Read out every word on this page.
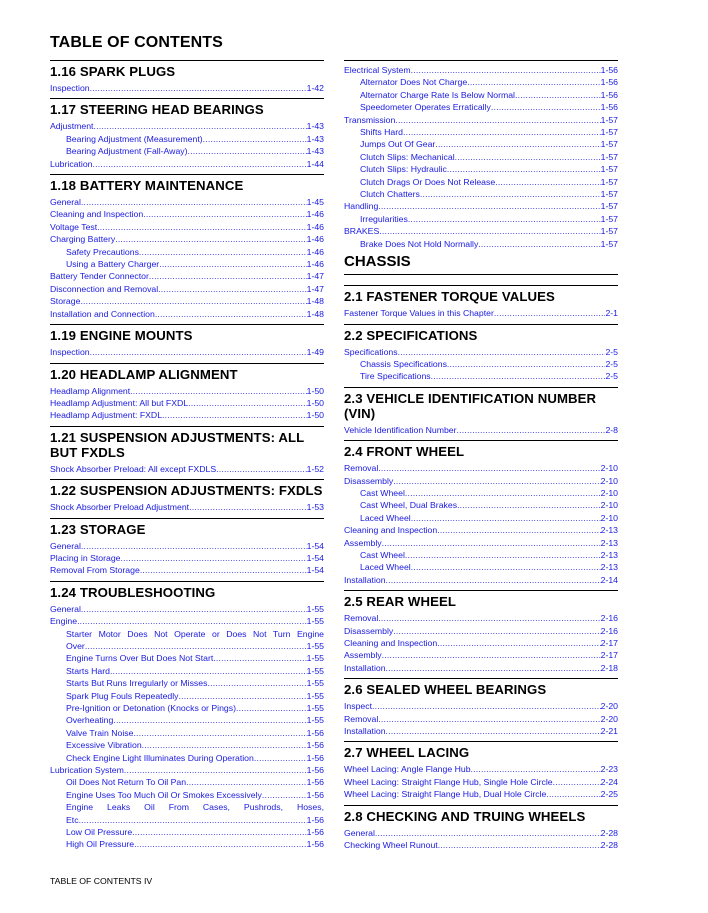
TABLE OF CONTENTS
1.16 SPARK PLUGS
Inspection .....	1-42
1.17 STEERING HEAD BEARINGS
Adjustment .....	1-43
Bearing Adjustment (Measurement) .....	1-43
Bearing Adjustment (Fall-Away) .....	1-43
Lubrication .....	1-44
1.18 BATTERY MAINTENANCE
General .....	1-45
Cleaning and Inspection .....	1-46
Voltage Test .....	1-46
Charging Battery .....	1-46
Safety Precautions .....	1-46
Using a Battery Charger .....	1-46
Battery Tender Connector .....	1-47
Disconnection and Removal .....	1-47
Storage .....	1-48
Installation and Connection .....	1-48
1.19 ENGINE MOUNTS
Inspection .....	1-49
1.20 HEADLAMP ALIGNMENT
Headlamp Alignment .....	1-50
Headlamp Adjustment: All but FXDL .....	1-50
Headlamp Adjustment: FXDL .....	1-50
1.21 SUSPENSION ADJUSTMENTS: ALL BUT FXDLS
Shock Absorber Preload: All except FXDLS .....	1-52
1.22 SUSPENSION ADJUSTMENTS: FXDLS
Shock Absorber Preload Adjustment .....	1-53
1.23 STORAGE
General .....	1-54
Placing in Storage .....	1-54
Removal From Storage .....	1-54
1.24 TROUBLESHOOTING
General .....	1-55
Engine .....	1-55
Starter Motor Does Not Operate or Does Not Turn Engine
Over .....	1-55
Engine Turns Over But Does Not Start .....	1-55
Starts Hard .....	1-55
Starts But Runs Irregularly or Misses .....	1-55
Spark Plug Fouls Repeatedly .....	1-55
Pre-Ignition or Detonation (Knocks or Pings) .....	1-55
Overheating .....	1-55
Valve Train Noise .....	1-56
Excessive Vibration .....	1-56
Check Engine Light Illuminates During Operation .....	1-56
Lubrication System .....	1-56
Oil Does Not Return To Oil Pan .....	1-56
Engine Uses Too Much Oil Or Smokes Excessively .....	1-56
Engine Leaks Oil From Cases, Pushrods, Hoses,
Etc .....	1-56
Low Oil Pressure .....	1-56
High Oil Pressure .....	1-56
Electrical System .....	1-56
Alternator Does Not Charge .....	1-56
Alternator Charge Rate Is Below Normal .....	1-56
Speedometer Operates Erratically .....	1-56
Transmission .....	1-57
Shifts Hard .....	1-57
Jumps Out Of Gear .....	1-57
Clutch Slips: Mechanical .....	1-57
Clutch Slips: Hydraulic .....	1-57
Clutch Drags Or Does Not Release .....	1-57
Clutch Chatters .....	1-57
Handling .....	1-57
Irregularities .....	1-57
BRAKES .....	1-57
Brake Does Not Hold Normally .....	1-57
CHASSIS
2.1 FASTENER TORQUE VALUES
Fastener Torque Values in this Chapter .....	2-1
2.2 SPECIFICATIONS
Specifications .....	2-5
Chassis Specifications .....	2-5
Tire Specifications .....	2-5
2.3 VEHICLE IDENTIFICATION NUMBER (VIN)
Vehicle Identification Number .....	2-8
2.4 FRONT WHEEL
Removal .....	2-10
Disassembly .....	2-10
Cast Wheel .....	2-10
Cast Wheel, Dual Brakes .....	2-10
Laced Wheel .....	2-10
Cleaning and Inspection .....	2-13
Assembly .....	2-13
Cast Wheel .....	2-13
Laced Wheel .....	2-13
Installation .....	2-14
2.5 REAR WHEEL
Removal .....	2-16
Disassembly .....	2-16
Cleaning and Inspection .....	2-17
Assembly .....	2-17
Installation .....	2-18
2.6 SEALED WHEEL BEARINGS
Inspect .....	2-20
Removal .....	2-20
Installation .....	2-21
2.7 WHEEL LACING
Wheel Lacing: Angle Flange Hub .....	2-23
Wheel Lacing: Straight Flange Hub, Single Hole Circle .....	2-24
Wheel Lacing: Straight Flange Hub, Dual Hole Circle .....	2-25
2.8 CHECKING AND TRUING WHEELS
General .....	2-28
Checking Wheel Runout .....	2-28
TABLE OF CONTENTS IV
